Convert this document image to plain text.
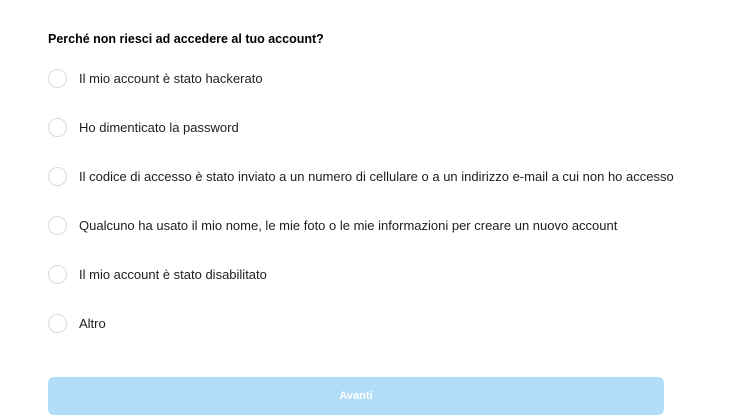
Perché non riesci ad accedere al tuo account?
Il mio account è stato hackerato
Ho dimenticato la password
Il codice di accesso è stato inviato a un numero di cellulare o a un indirizzo e-mail a cui non ho accesso
Qualcuno ha usato il mio nome, le mie foto o le mie informazioni per creare un nuovo account
Il mio account è stato disabilitato
Altro
Avanti
